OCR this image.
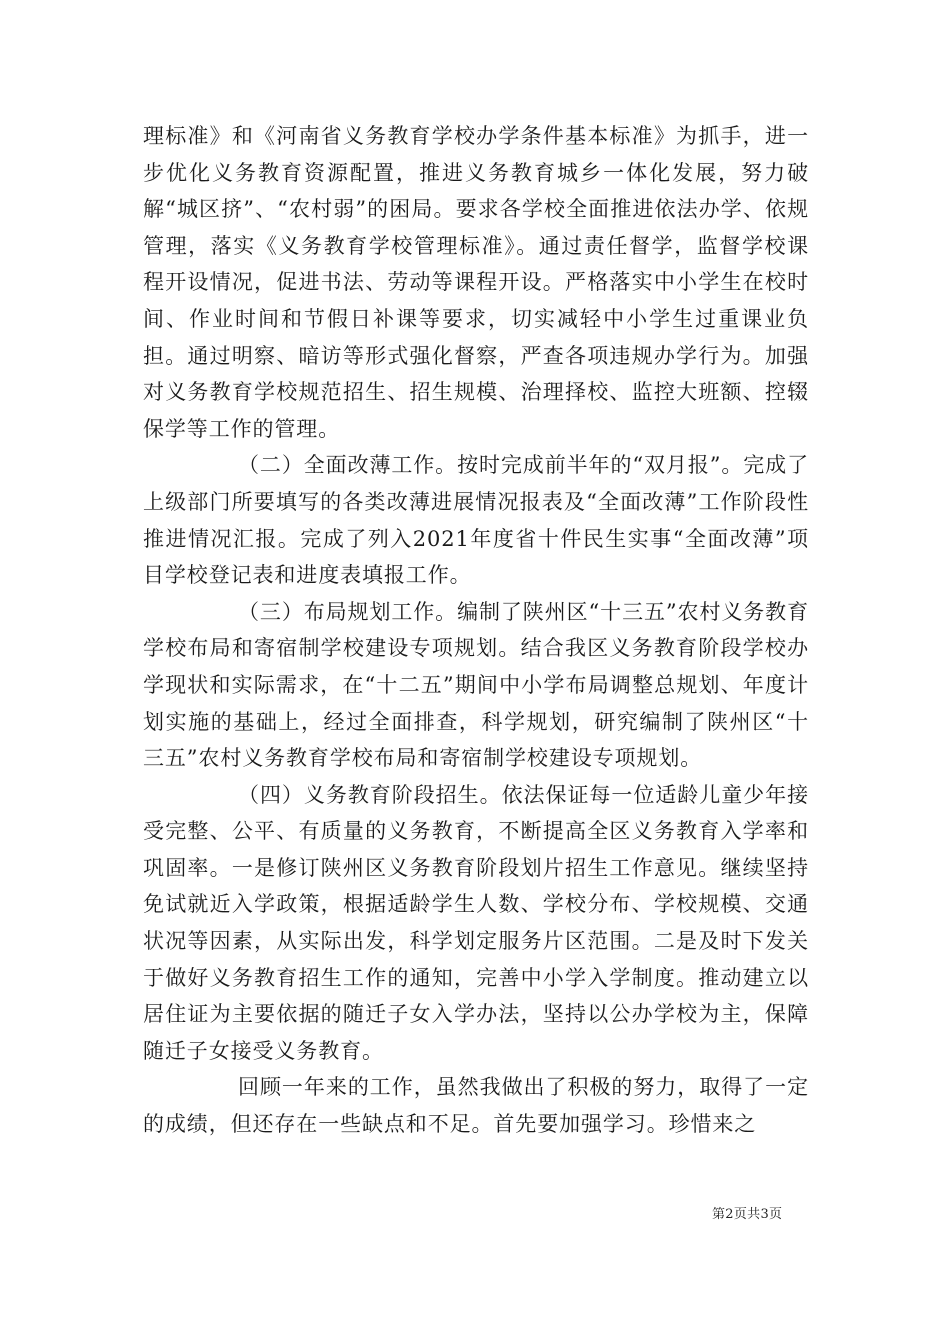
理标准》和《河南省义务教育学校办学条件基本标准》为抓手，进一步优化义务教育资源配置，推进义务教育城乡一体化发展，努力破解“城区挤”、“农村弱”的困局。要求各学校全面推进依法办学、依规管理，落实《义务教育学校管理标准》。通过责任督学，监督学校课程开设情况，促进书法、劳动等课程开设。严格落实中小学生在校时间、作业时间和节假日补课等要求，切实减轻中小学生过重课业负担。通过明察、暗访等形式强化督察，严查各项违规办学行为。加强对义务教育学校规范招生、招生规模、治理择校、监控大班额、控辍保学等工作的管理。

（二）全面改薄工作。按时完成前半年的“双月报”。完成了上级部门所要填写的各类改薄进展情况报表及“全面改薄”工作阶段性推进情况汇报。完成了列入2021年度省十件民生实事“全面改薄”项目学校登记表和进度表填报工作。

（三）布局规划工作。编制了陕州区“十三五”农村义务教育学校布局和寄宿制学校建设专项规划。结合我区义务教育阶段学校办学现状和实际需求，在“十二五”期间中小学布局调整总规划、年度计划实施的基础上，经过全面排查，科学规划，研究编制了陕州区“十三五”农村义务教育学校布局和寄宿制学校建设专项规划。

（四）义务教育阶段招生。依法保证每一位适龄儿童少年接受完整、公平、有质量的义务教育，不断提高全区义务教育入学率和巩固率。一是修订陕州区义务教育阶段划片招生工作意见。继续坚持免试就近入学政策，根据适龄学生人数、学校分布、学校规模、交通状况等因素，从实际出发，科学划定服务片区范围。二是及时下发关于做好义务教育招生工作的通知，完善中小学入学制度。推动建立以居住证为主要依据的随迁子女入学办法，坚持以公办学校为主，保障随迁子女接受义务教育。

回顾一年来的工作，虽然我做出了积极的努力，取得了一定的成绩，但还存在一些缺点和不足。首先要加强学习。珍惜来之

第2页共3页
